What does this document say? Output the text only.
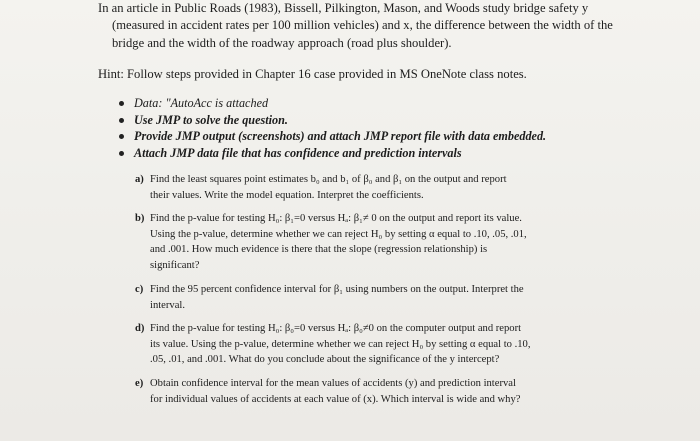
In an article in Public Roads (1983), Bissell, Pilkington, Mason, and Woods study bridge safety y
(measured in accident rates per 100 million vehicles) and x, the difference between the width of the
bridge and the width of the roadway approach (road plus shoulder).
Hint: Follow steps provided in Chapter 16 case provided in MS OneNote class notes.
Data: "AutoAcc is attached
Use JMP to solve the question.
Provide JMP output (screenshots) and attach JMP report file with data embedded.
Attach JMP data file that has confidence and prediction intervals
a) Find the least squares point estimates b₀ and b₁ of β₀ and β₁ on the output and report
their values. Write the model equation. Interpret the coefficients.
b) Find the p-value for testing H₀: β₁=0 versus Hₐ: β₁≠ 0 on the output and report its value.
Using the p-value, determine whether we can reject H₀ by setting α equal to .10, .05, .01,
and .001. How much evidence is there that the slope (regression relationship) is
significant?
c) Find the 95 percent confidence interval for β₁ using numbers on the output. Interpret the
interval.
d) Find the p-value for testing H₀: β₀=0 versus Hₐ: β₀≠0 on the computer output and report
its value. Using the p-value, determine whether we can reject H₀ by setting α equal to .10,
.05, .01, and .001. What do you conclude about the significance of the y intercept?
e) Obtain confidence interval for the mean values of accidents (y) and prediction interval
for individual values of accidents at each value of (x). Which interval is wide and why?
